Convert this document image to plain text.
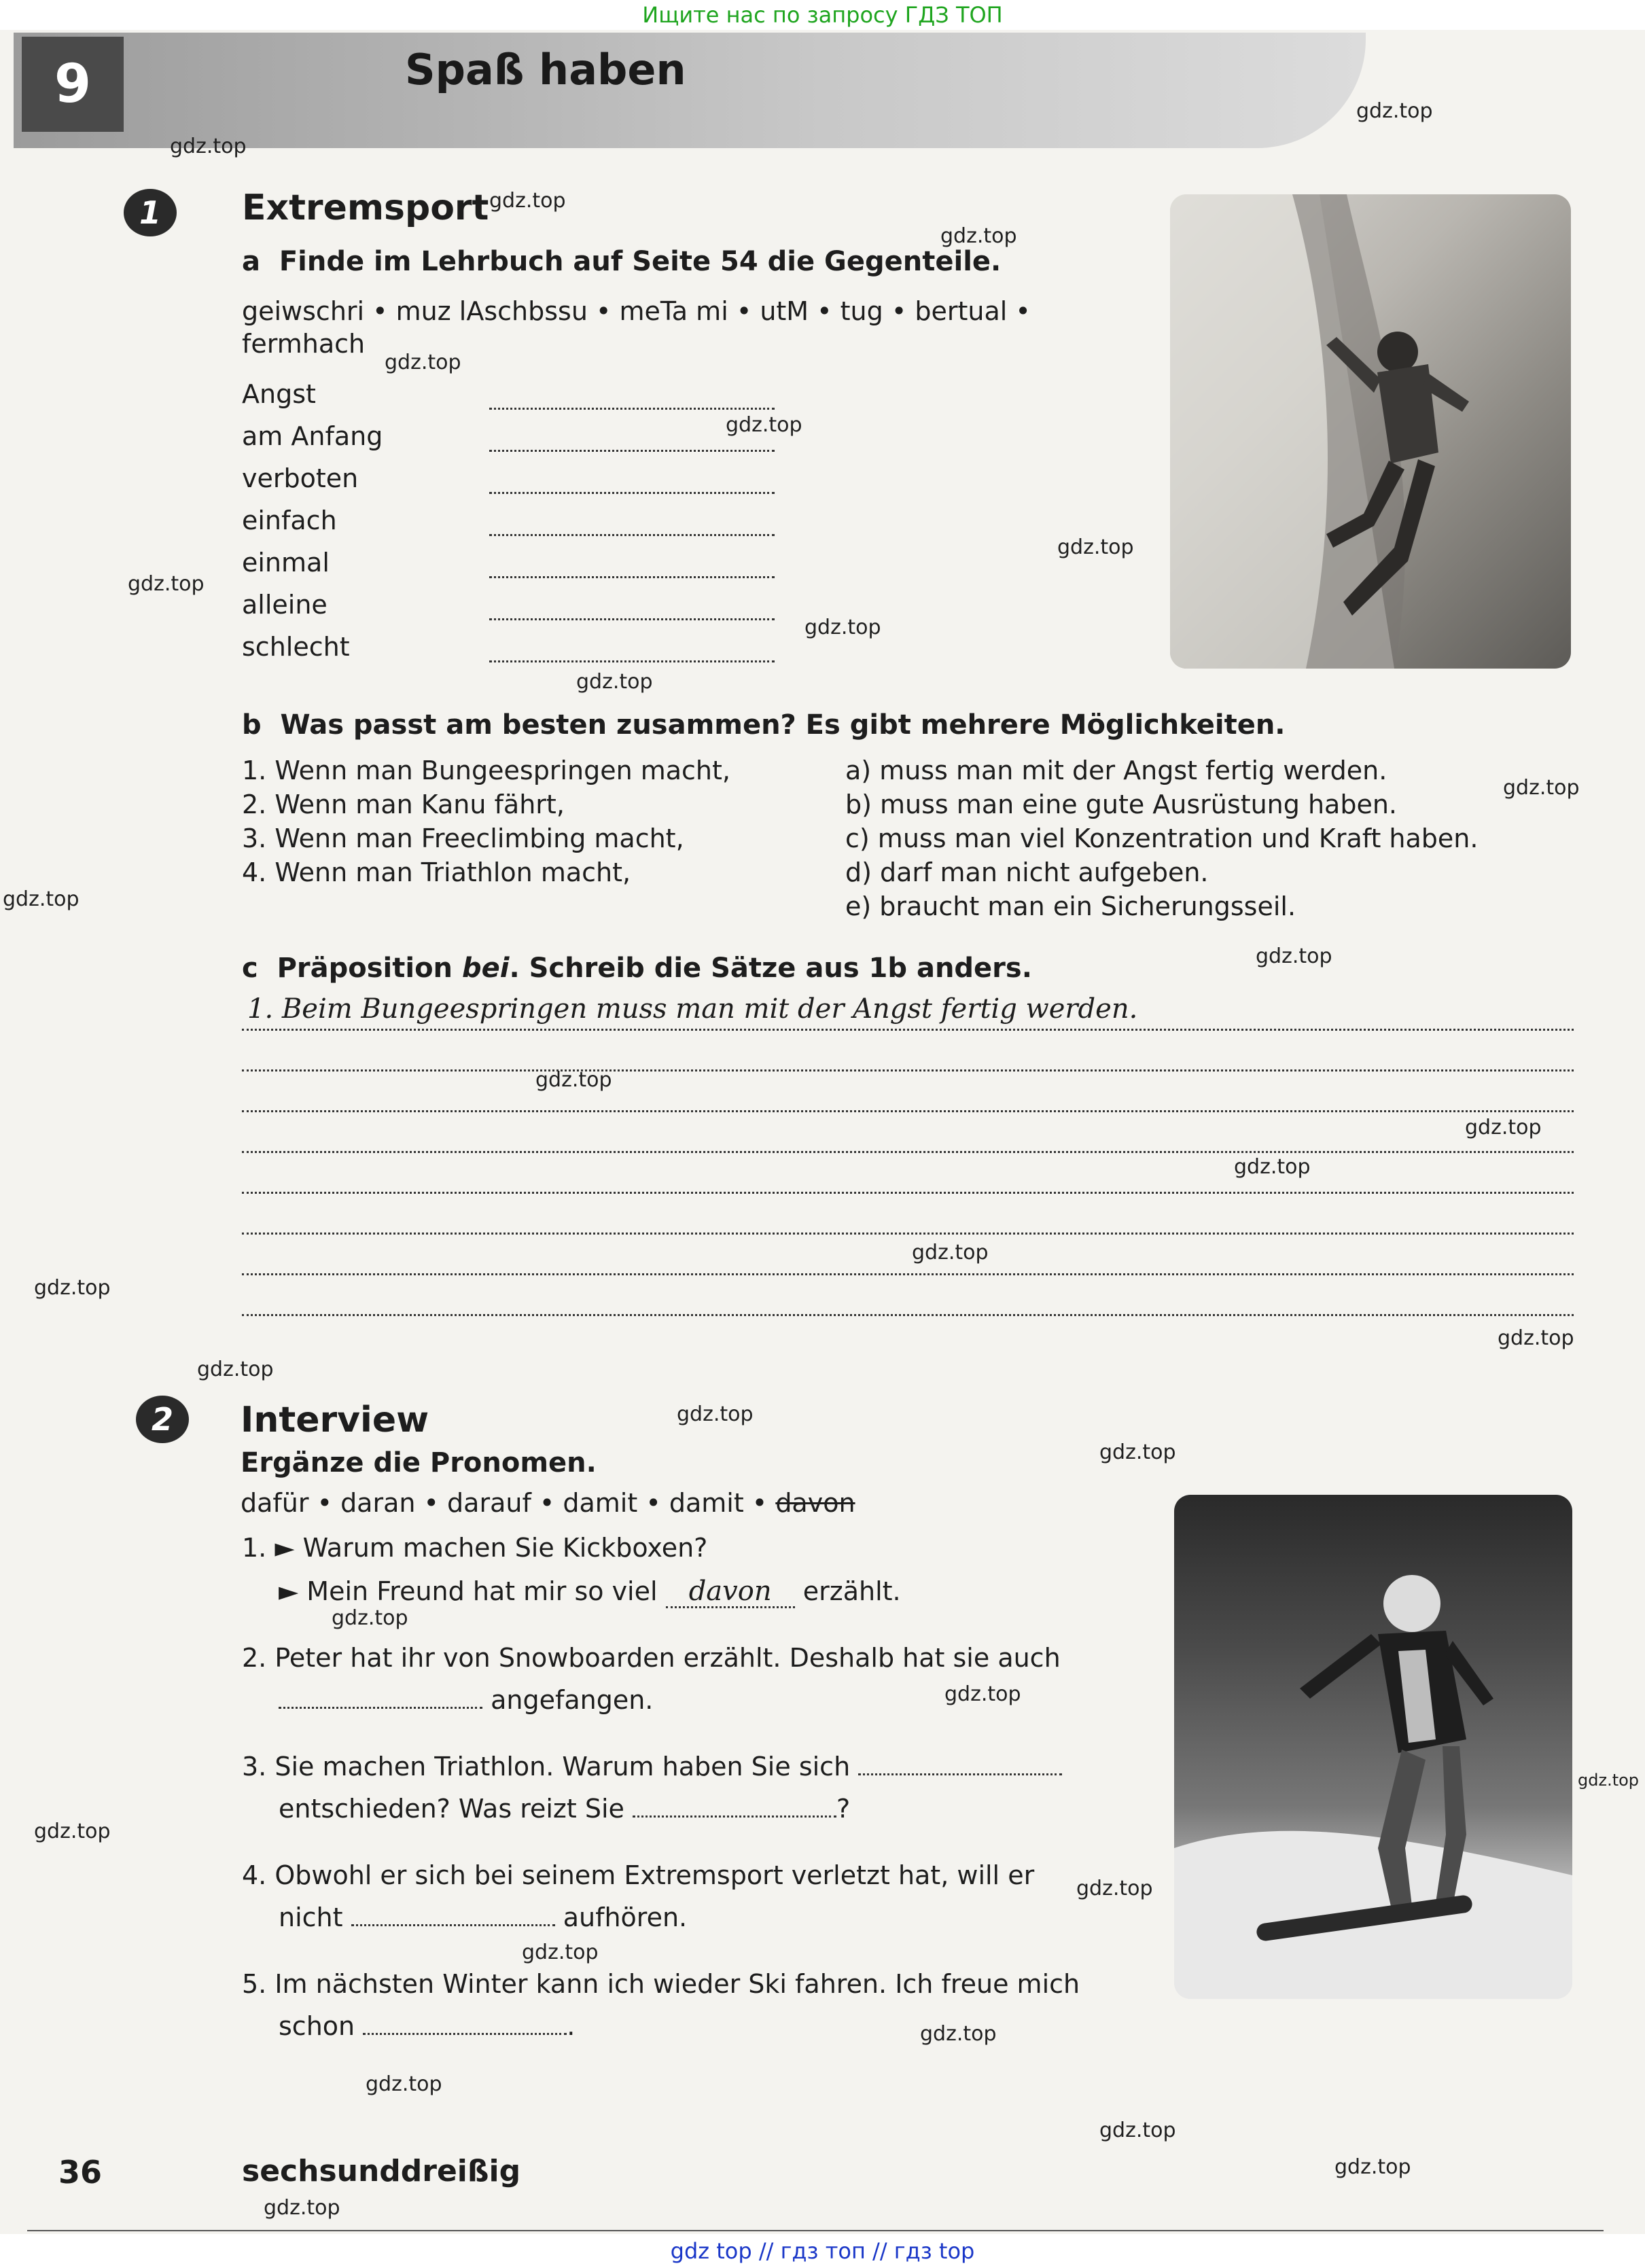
Ищите нас по запросу ГДЗ ТОП
9	Spaß haben
1	Extremsport
a Finde im Lehrbuch auf Seite 54 die Gegenteile.
geiwschri • muz lAschbssu • meTa mi • utM • tug • bertual •
fermhach
Angst
am Anfang
verboten
einfach
einmal
alleine
schlecht
b Was passt am besten zusammen? Es gibt mehrere Möglichkeiten.
1. Wenn man Bungeespringen macht,
2. Wenn man Kanu fährt,
3. Wenn man Freeclimbing macht,
4. Wenn man Triathlon macht,
a) muss man mit der Angst fertig werden.
b) muss man eine gute Ausrüstung haben.
c) muss man viel Konzentration und Kraft haben.
d) darf man nicht aufgeben.
e) braucht man ein Sicherungsseil.
c Präposition bei. Schreib die Sätze aus 1b anders.
1. Beim Bungeespringen muss man mit der Angst fertig werden.
2	Interview
Ergänze die Pronomen.
dafür • daran • darauf • damit • damit • davon
1. ► Warum machen Sie Kickboxen?
► Mein Freund hat mir so viel davon erzählt.
2. Peter hat ihr von Snowboarden erzählt. Deshalb hat sie auch
angefangen.
3. Sie machen Triathlon. Warum haben Sie sich
entschieden? Was reizt Sie	?
4. Obwohl er sich bei seinem Extremsport verletzt hat, will er
nicht	aufhören.
5. Im nächsten Winter kann ich wieder Ski fahren. Ich freue mich
schon	.
36	sechsunddreißig
gdz.top
gdz.top
gdz.top
gdz.top
gdz.top
gdz.top
gdz.top
gdz.top
gdz.top
gdz.top
gdz.top
gdz.top
gdz.top
gdz.top
gdz.top
gdz.top
gdz.top
gdz.top
gdz.top
gdz.top
gdz.top
gdz.top
gdz.top
gdz.top
gdz.top
gdz.top
gdz.top
gdz.top
gdz.top
gdz.top
gdz.top
gdz.top
gdz.top
gdz top // гдз топ // гдз top
